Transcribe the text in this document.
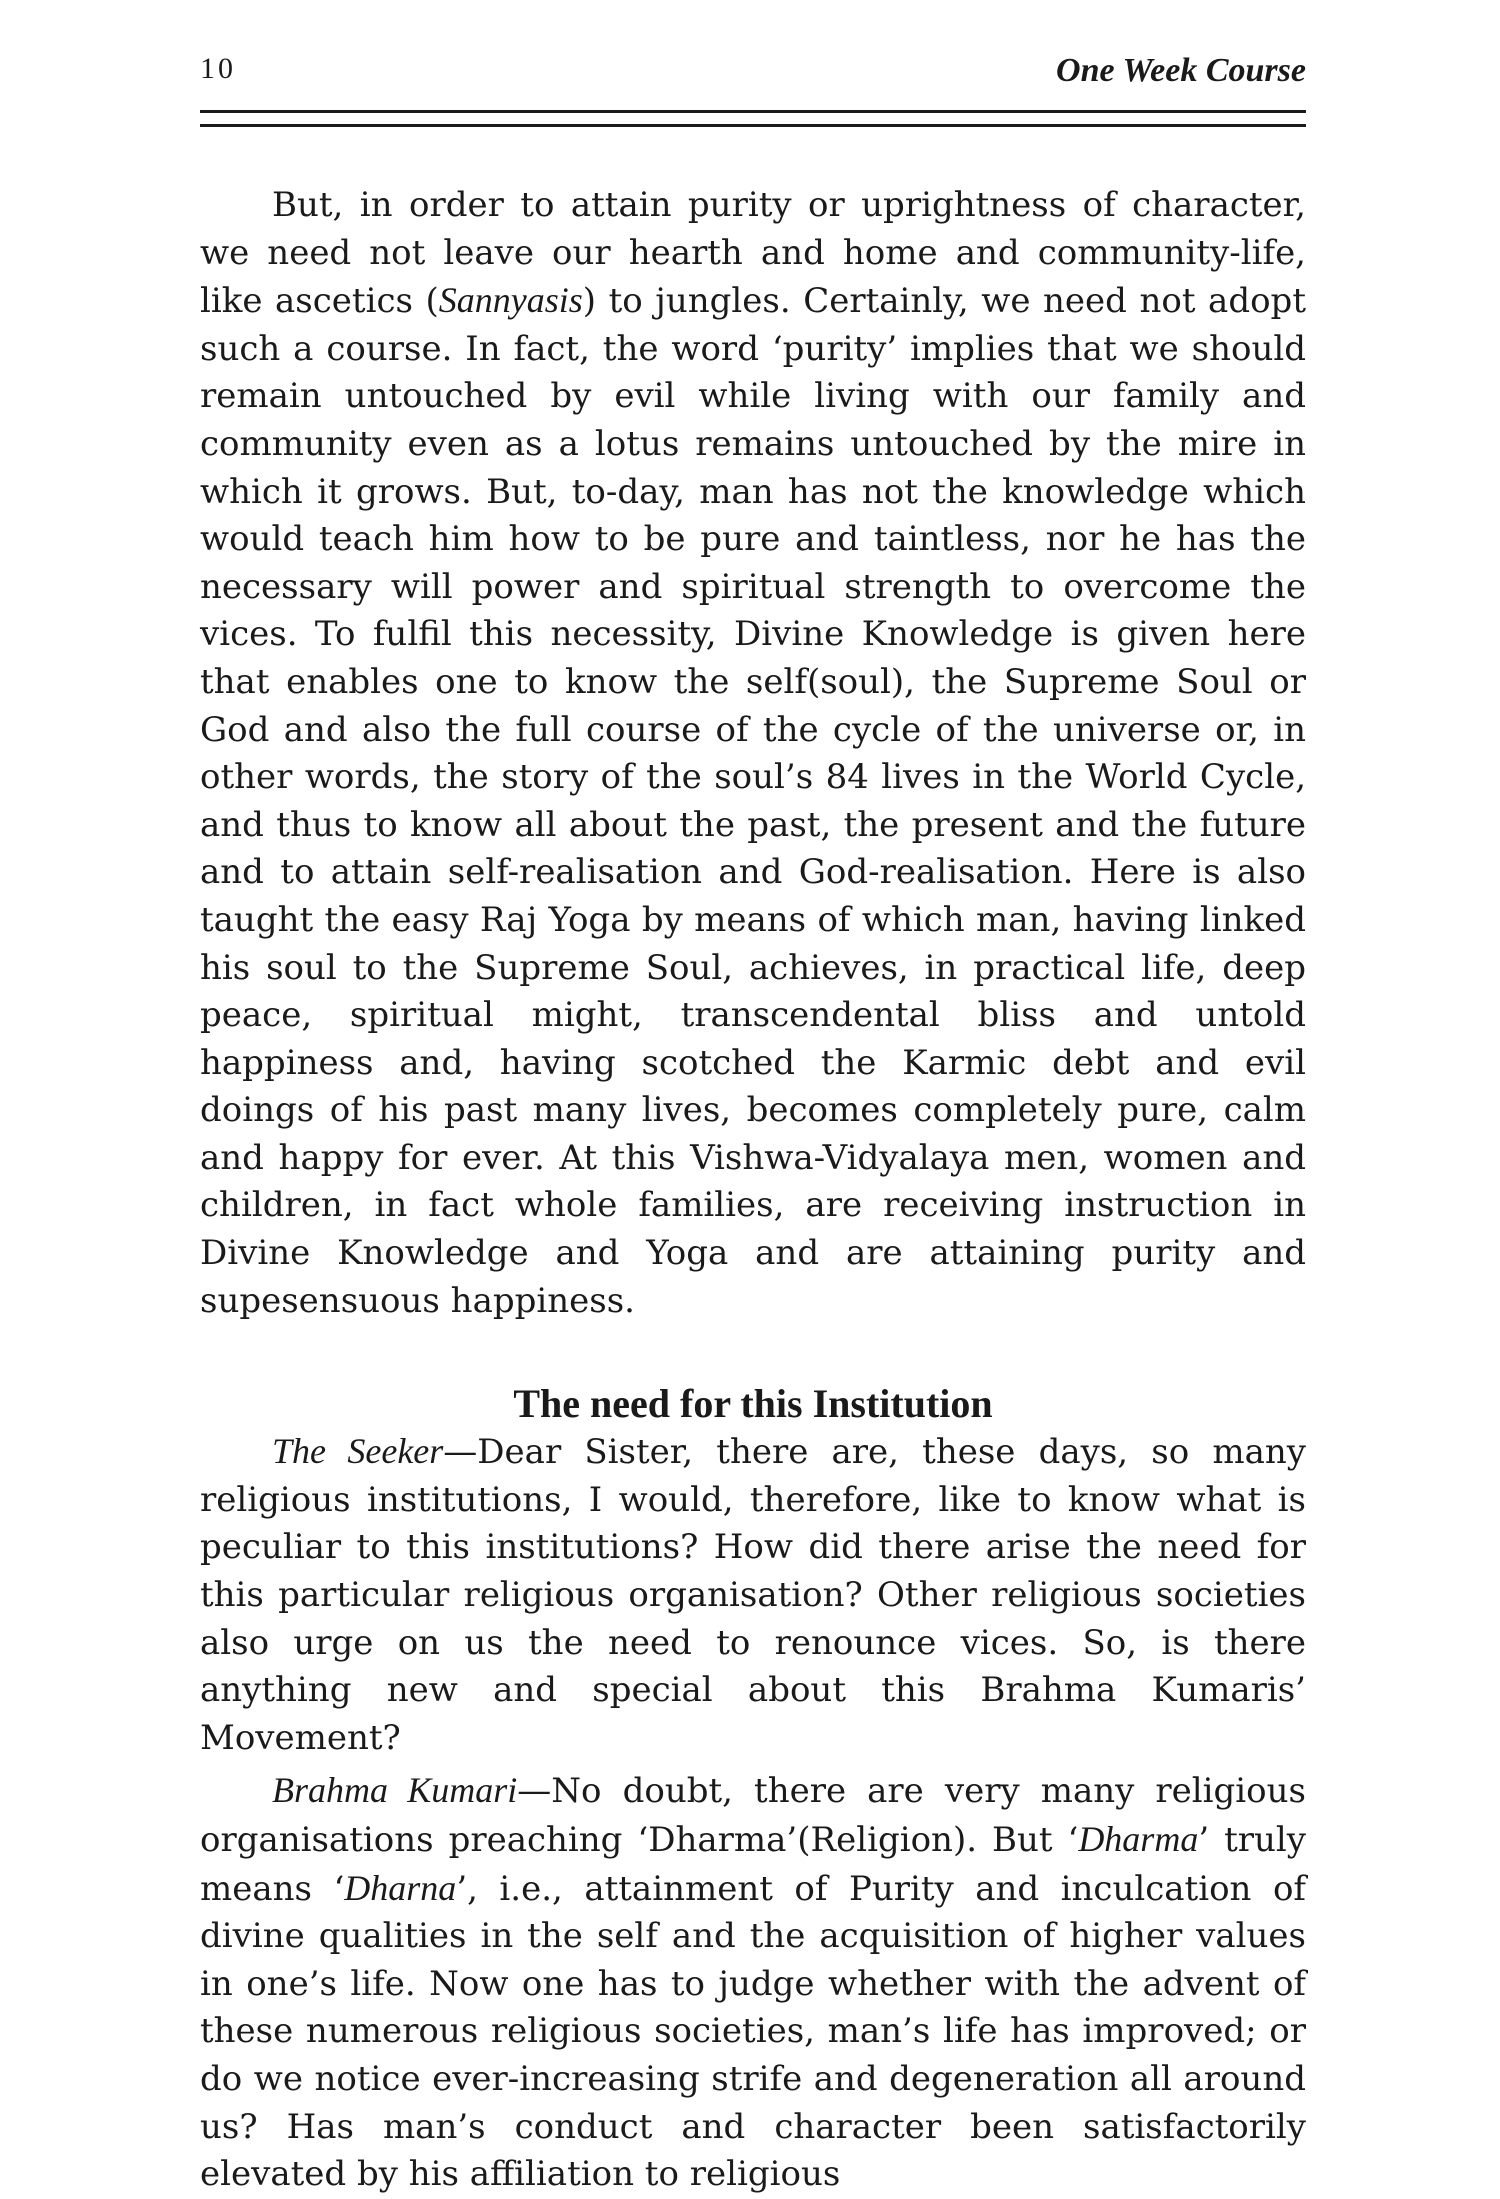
10	One Week Course

But, in order to attain purity or uprightness of character, we need not leave our hearth and home and community-life, like ascetics (Sannyasis) to jungles. Certainly, we need not adopt such a course. In fact, the word ‘purity’ implies that we should remain untouched by evil while living with our family and community even as a lotus remains untouched by the mire in which it grows. But, to-day, man has not the knowledge which would teach him how to be pure and taintless, nor he has the necessary will power and spiritual strength to overcome the vices. To fulfil this necessity, Divine Knowledge is given here that enables one to know the self(soul), the Supreme Soul or God and also the full course of the cycle of the universe or, in other words, the story of the soul’s 84 lives in the World Cycle, and thus to know all about the past, the present and the future and to attain self-realisation and God-realisation. Here is also taught the easy Raj Yoga by means of which man, having linked his soul to the Supreme Soul, achieves, in practical life, deep peace, spiritual might, transcendental bliss and untold happiness and, having scotched the Karmic debt and evil doings of his past many lives, becomes completely pure, calm and happy for ever. At this Vishwa-Vidyalaya men, women and children, in fact whole families, are receiving instruction in Divine Knowledge and Yoga and are attaining purity and supesensuous happiness.

The need for this Institution

The Seeker—Dear Sister, there are, these days, so many religious institutions, I would, therefore, like to know what is peculiar to this institutions? How did there arise the need for this particular religious organisation? Other religious societies also urge on us the need to renounce vices. So, is there anything new and special about this Brahma Kumaris’ Movement?

Brahma Kumari—No doubt, there are very many religious organisations preaching ‘Dharma’(Religion). But ‘Dharma’ truly means ‘Dharna’, i.e., attainment of Purity and inculcation of divine qualities in the self and the acquisition of higher values in one’s life. Now one has to judge whether with the advent of these numerous religious societies, man’s life has improved; or do we notice ever-increasing strife and degeneration all around us? Has man’s conduct and character been satisfactorily elevated by his affiliation to religious
